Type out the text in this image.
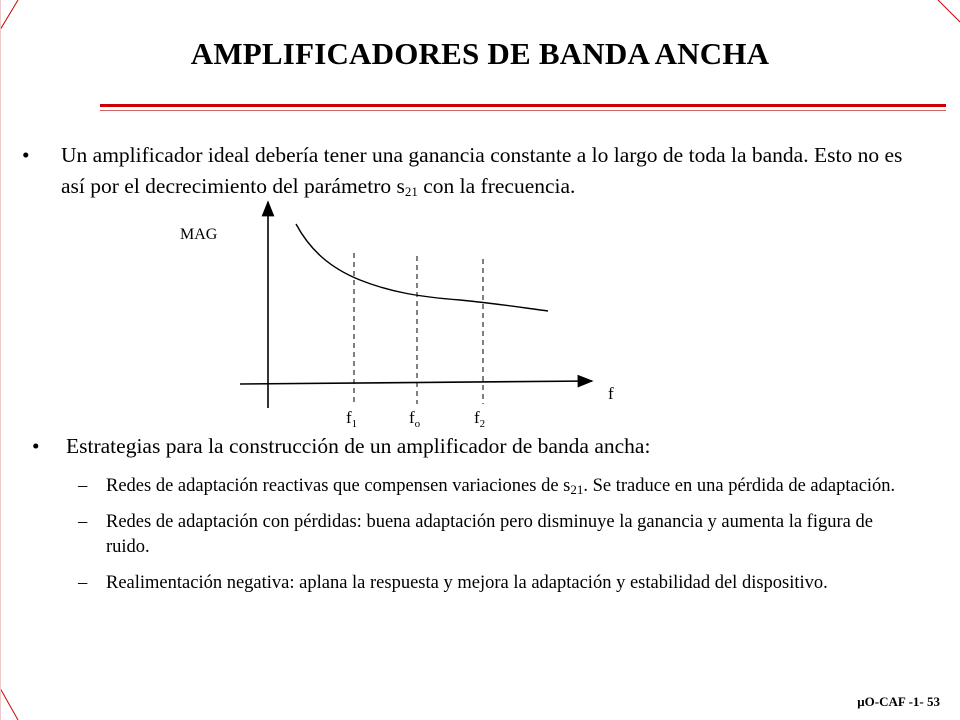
AMPLIFICADORES DE BANDA ANCHA
• Un amplificador ideal debería tener una ganancia constante a lo largo de toda la banda. Esto no es así por el decrecimiento del parámetro $s_{21}$ con la frecuencia.
MAG
f
$f_1$	$f_o$	$f_2$
• Estrategias para la construcción de un amplificador de banda ancha:
– Redes de adaptación reactivas que compensen variaciones de $s_{21}$. Se traduce en una pérdida de adaptación.
– Redes de adaptación con pérdidas: buena adaptación pero disminuye la ganancia y aumenta la figura de ruido.
– Realimentación negativa: aplana la respuesta y mejora la adaptación y estabilidad del dispositivo.
μO-CAF -1- 53
